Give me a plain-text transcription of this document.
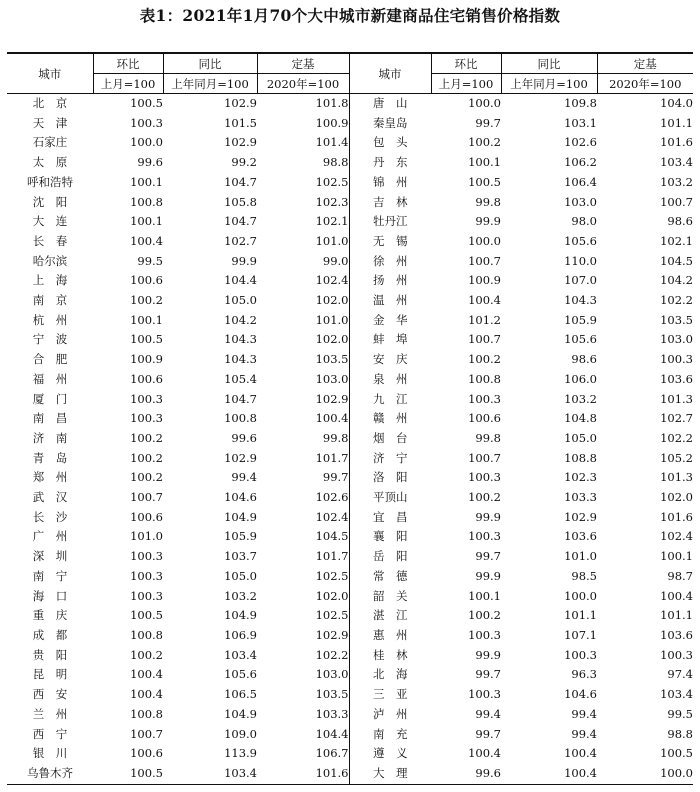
表1：2021年1月70个大中城市新建商品住宅销售价格指数
城市	环比	同比	定基	城市	环比	同比	定基
	上月=100	上年同月=100	2020年=100		上月=100	上年同月=100	2020年=100
北　京	100.5	102.9	101.8	唐　山	100.0	109.8	104.0
天　津	100.3	101.5	100.9	秦皇岛	99.7	103.1	101.1
石家庄	100.0	102.9	101.4	包　头	100.2	102.6	101.6
太　原	99.6	99.2	98.8	丹　东	100.1	106.2	103.4
呼和浩特	100.1	104.7	102.5	锦　州	100.5	106.4	103.2
沈　阳	100.8	105.8	102.3	吉　林	99.8	103.0	100.7
大　连	100.1	104.7	102.1	牡丹江	99.9	98.0	98.6
长　春	100.4	102.7	101.0	无　锡	100.0	105.6	102.1
哈尔滨	99.5	99.9	99.0	徐　州	100.7	110.0	104.5
上　海	100.6	104.4	102.4	扬　州	100.9	107.0	104.2
南　京	100.2	105.0	102.0	温　州	100.4	104.3	102.2
杭　州	100.1	104.2	101.0	金　华	101.2	105.9	103.5
宁　波	100.5	104.3	102.0	蚌　埠	100.7	105.6	103.0
合　肥	100.9	104.3	103.5	安　庆	100.2	98.6	100.3
福　州	100.6	105.4	103.0	泉　州	100.8	106.0	103.6
厦　门	100.3	104.7	102.9	九　江	100.3	103.2	101.3
南　昌	100.3	100.8	100.4	赣　州	100.6	104.8	102.7
济　南	100.2	99.6	99.8	烟　台	99.8	105.0	102.2
青　岛	100.2	102.9	101.7	济　宁	100.7	108.8	105.2
郑　州	100.2	99.4	99.7	洛　阳	100.3	102.3	101.3
武　汉	100.7	104.6	102.6	平顶山	100.2	103.3	102.0
长　沙	100.6	104.9	102.4	宜　昌	99.9	102.9	101.6
广　州	101.0	105.9	104.5	襄　阳	100.3	103.6	102.4
深　圳	100.3	103.7	101.7	岳　阳	99.7	101.0	100.1
南　宁	100.3	105.0	102.5	常　德	99.9	98.5	98.7
海　口	100.3	103.2	102.0	韶　关	100.1	100.0	100.4
重　庆	100.5	104.9	102.5	湛　江	100.2	101.1	101.1
成　都	100.8	106.9	102.9	惠　州	100.3	107.1	103.6
贵　阳	100.2	103.4	102.2	桂　林	99.9	100.3	100.3
昆　明	100.4	105.6	103.0	北　海	99.7	96.3	97.4
西　安	100.4	106.5	103.5	三　亚	100.3	104.6	103.4
兰　州	100.8	104.9	103.3	泸　州	99.4	99.4	99.5
西　宁	100.7	109.0	104.4	南　充	99.7	99.4	98.8
银　川	100.6	113.9	106.7	遵　义	100.4	100.4	100.5
乌鲁木齐	100.5	103.4	101.6	大　理	99.6	100.4	100.0
